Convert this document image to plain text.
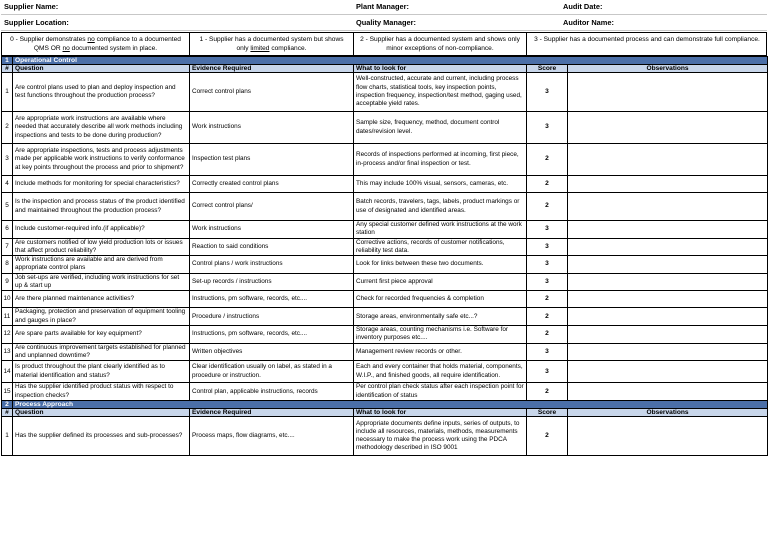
Supplier Name:	Plant Manager:	Audit Date:
Supplier Location:	Quality Manager:	Auditor Name:
0 - Supplier demonstrates no compliance to a documented QMS OR no documented system in place.
1 - Supplier has a documented system but shows only limited compliance.
2 - Supplier has a documented system and shows only minor exceptions of non-compliance.
3 - Supplier has a documented process and can demonstrate full compliance.
1	Operational Control				
#	Question	Evidence Required	What to look for	Score	Observations
1	Are control plans used to plan and deploy inspection and test functions throughout the production process?	Correct control plans	Well-constructed, accurate and current, including process flow charts, statistical tools, key inspection points, inspection frequency, inspection/test method, gaging used, acceptable yield rates.	3	
2	Are appropriate work instructions are available where needed that accurately describe all work methods including inspections and tests to be done during production?	Work instructions	Sample size, frequency, method, document control dates/revision level.	3	
3	Are appropriate inspections, tests and process adjustments made per applicable work instructions to verify conformance at key points throughout the process and prior to shipment?	Inspection test plans	Records of inspections performed at incoming, first piece, in-process and/or final inspection or test.	2	
4	Include methods for monitoring for special characteristics?	Correctly created control plans	This may include 100% visual, sensors, cameras, etc.	2	
5	Is the inspection and process status of the product identified and maintained throughout the production process?	Correct control plans/	Batch records, travelers, tags, labels, product markings or use of designated and identified areas.	2	
6	Include customer-required info.(if applicable)?	Work instructions	Any special customer defined work instructions at the work station	3	
7	Are customers notified of low yield production lots or issues that affect product reliability?	Reaction to said conditions	Corrective actions, records of customer notifications, reliability test data.	3	
8	Work instructions are available and are derived from appropriate control plans	Control plans / work instructions	Look for links between these two documents.	3	
9	Job set-ups are verified, including work instructions for set up & start up	Set-up records / instructions	Current first piece approval	3	
10	Are there planned maintenance activities?	Instructions, pm software, records, etc....	Check for recorded frequencies & completion	2	
11	Packaging, protection and preservation of equipment tooling and gauges in place?	Procedure / instructions	Storage areas, environmentally safe etc...?	2	
12	Are spare parts available for key equipment?	Instructions, pm software, records, etc....	Storage areas, counting mechanisms i.e. Software for inventory purposes etc....	2	
13	Are continuous improvement targets established for planned and unplanned downtime?	Written objectives	Management review records or other.	3	
14	Is product throughout the plant clearly identified as to material identification and status?	Clear identification usually on label, as stated in a procedure or instruction.	Each and every container that holds material, components, W.I.P., and finished goods, all require identification.	3	
15	Has the supplier identified product status with respect to inspection checks?	Control plan, applicable instructions, records	Per control plan check status after each inspection point for identification of status	2	
2	Process Approach				
#	Question	Evidence Required	What to look for	Score	Observations
1	Has the supplier defined its processes and sub-processes?	Process maps, flow diagrams, etc....	Appropriate documents define inputs, series of outputs, to include all resources, materials, methods, measurements necessary to make the process work using the PDCA methodology described in ISO 9001	2	
